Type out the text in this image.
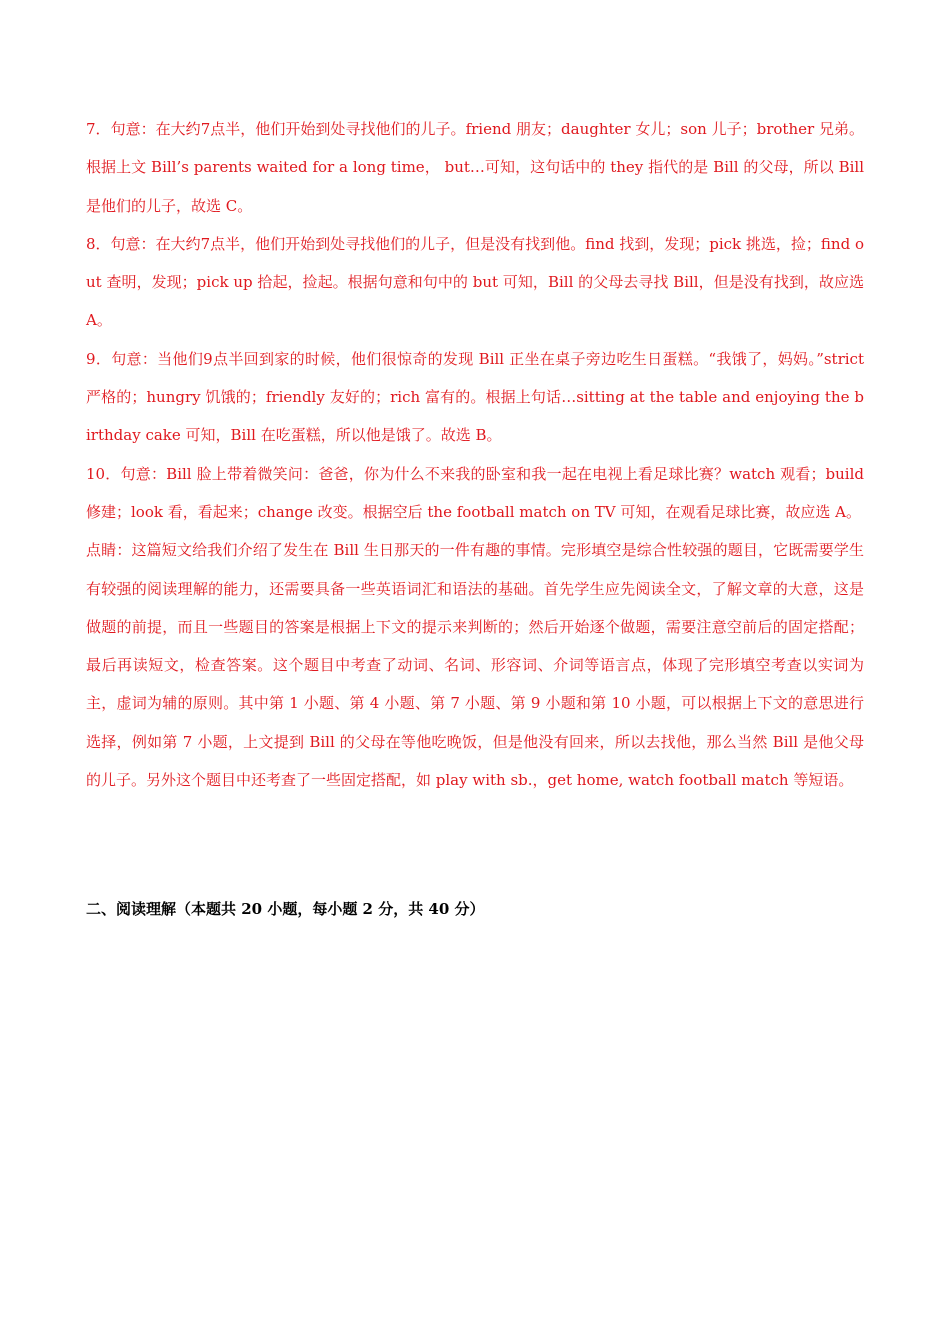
7．句意：在大约7点半，他们开始到处寻找他们的儿子。friend 朋友；daughter 女儿；son 儿子；brother 兄弟。根据上文 Bill’s parents waited for a long time， but…可知，这句话中的 they 指代的是 Bill 的父母，所以 Bill 是他们的儿子，故选 C。

8．句意：在大约7点半，他们开始到处寻找他们的儿子，但是没有找到他。find 找到，发现；pick 挑选，捡；find out 查明，发现；pick up 拾起，捡起。根据句意和句中的 but 可知，Bill 的父母去寻找 Bill，但是没有找到，故应选 A。

9．句意：当他们9点半回到家的时候，他们很惊奇的发现 Bill 正坐在桌子旁边吃生日蛋糕。“我饿了，妈妈。”strict 严格的；hungry 饥饿的；friendly 友好的；rich 富有的。根据上句话…sitting at the table and enjoying the birthday cake 可知，Bill 在吃蛋糕，所以他是饿了。故选 B。

10．句意：Bill 脸上带着微笑问：爸爸，你为什么不来我的卧室和我一起在电视上看足球比赛？watch 观看；build 修建；look 看，看起来；change 改变。根据空后 the football match on TV 可知，在观看足球比赛，故应选 A。

点睛：这篇短文给我们介绍了发生在 Bill 生日那天的一件有趣的事情。完形填空是综合性较强的题目，它既需要学生有较强的阅读理解的能力，还需要具备一些英语词汇和语法的基础。首先学生应先阅读全文，了解文章的大意，这是做题的前提，而且一些题目的答案是根据上下文的提示来判断的；然后开始逐个做题，需要注意空前后的固定搭配；最后再读短文，检查答案。这个题目中考查了动词、名词、形容词、介词等语言点，体现了完形填空考查以实词为主，虚词为辅的原则。其中第 1 小题、第 4 小题、第 7 小题、第 9 小题和第 10 小题，可以根据上下文的意思进行选择，例如第 7 小题，上文提到 Bill 的父母在等他吃晚饭，但是他没有回来，所以去找他，那么当然 Bill 是他父母的儿子。另外这个题目中还考查了一些固定搭配，如 play with sb.，get home, watch football match 等短语。

二、阅读理解（本题共 20 小题，每小题 2 分，共 40 分）
